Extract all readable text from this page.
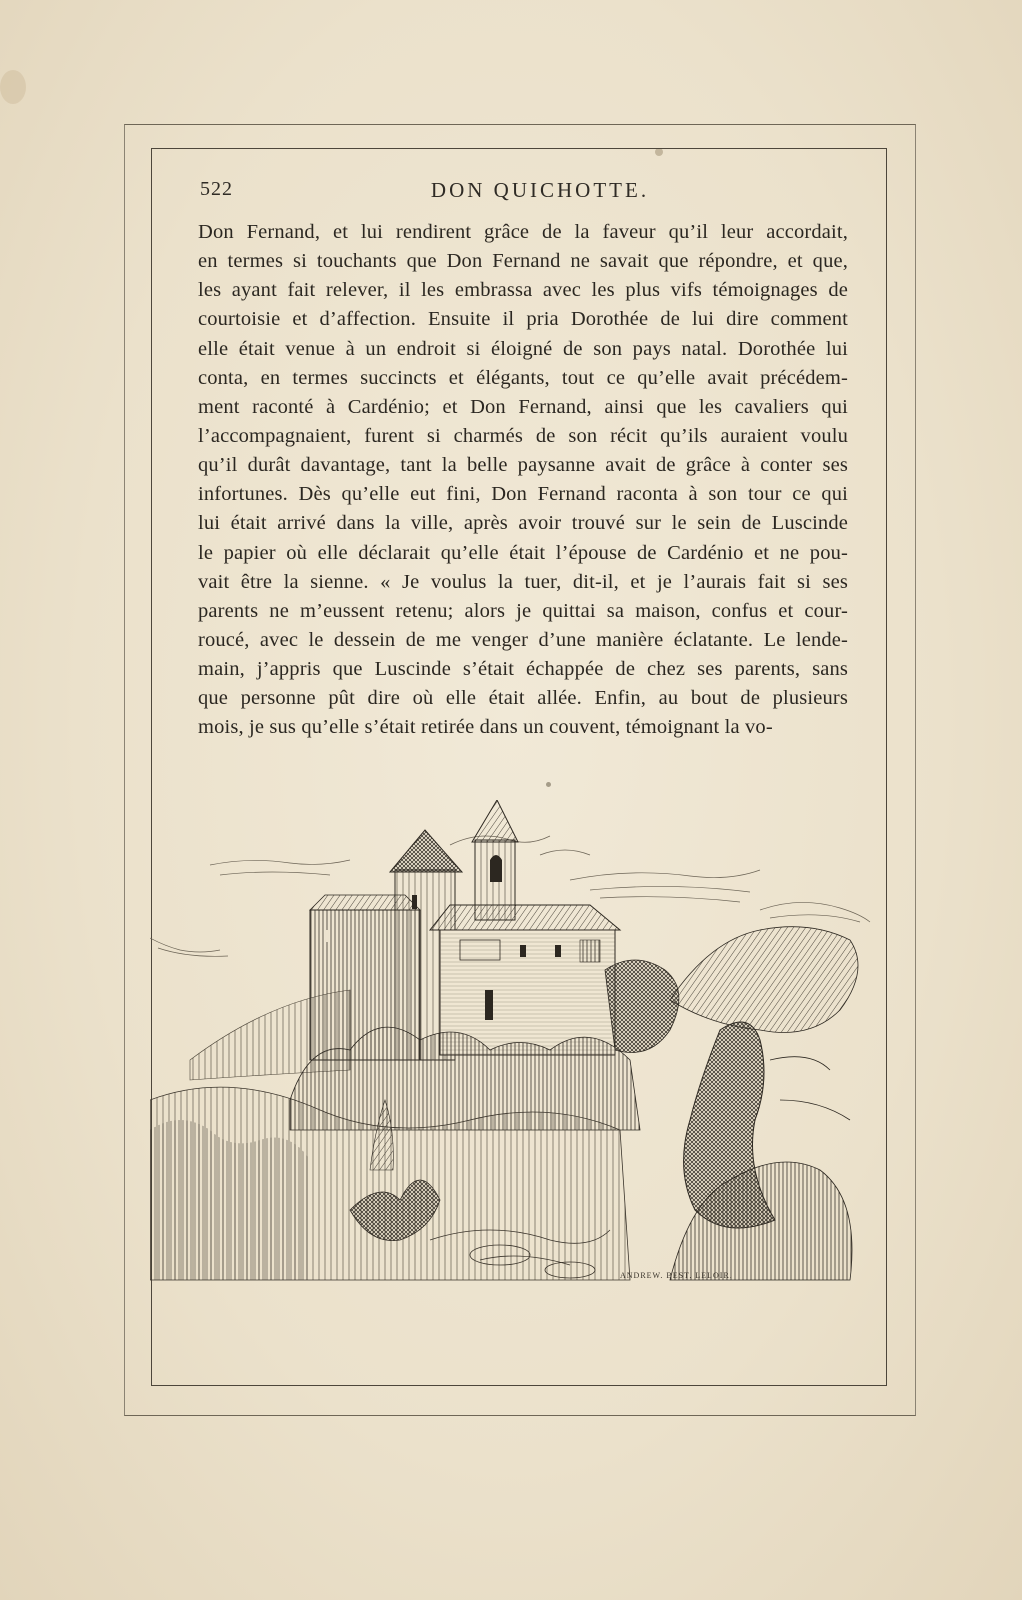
522	DON QUICHOTTE.
Don Fernand, et lui rendirent grâce de la faveur qu’il leur accordait,
en termes si touchants que Don Fernand ne savait que répondre, et que,
les ayant fait relever, il les embrassa avec les plus vifs témoignages de
courtoisie et d’affection. Ensuite il pria Dorothée de lui dire comment
elle était venue à un endroit si éloigné de son pays natal. Dorothée lui
conta, en termes succincts et élégants, tout ce qu’elle avait précédem-
ment raconté à Cardénio; et Don Fernand, ainsi que les cavaliers qui
l’accompagnaient, furent si charmés de son récit qu’ils auraient voulu
qu’il durât davantage, tant la belle paysanne avait de grâce à conter ses
infortunes. Dès qu’elle eut fini, Don Fernand raconta à son tour ce qui
lui était arrivé dans la ville, après avoir trouvé sur le sein de Luscinde
le papier où elle déclarait qu’elle était l’épouse de Cardénio et ne pou-
vait être la sienne. « Je voulus la tuer, dit-il, et je l’aurais fait si ses
parents ne m’eussent retenu; alors je quittai sa maison, confus et cour-
roucé, avec le dessein de me venger d’une manière éclatante. Le lende-
main, j’appris que Luscinde s’était échappée de chez ses parents, sans
que personne pût dire où elle était allée. Enfin, au bout de plusieurs
mois, je sus qu’elle s’était retirée dans un couvent, témoignant la vo-
ANDREW. BEST. LELOIR.
